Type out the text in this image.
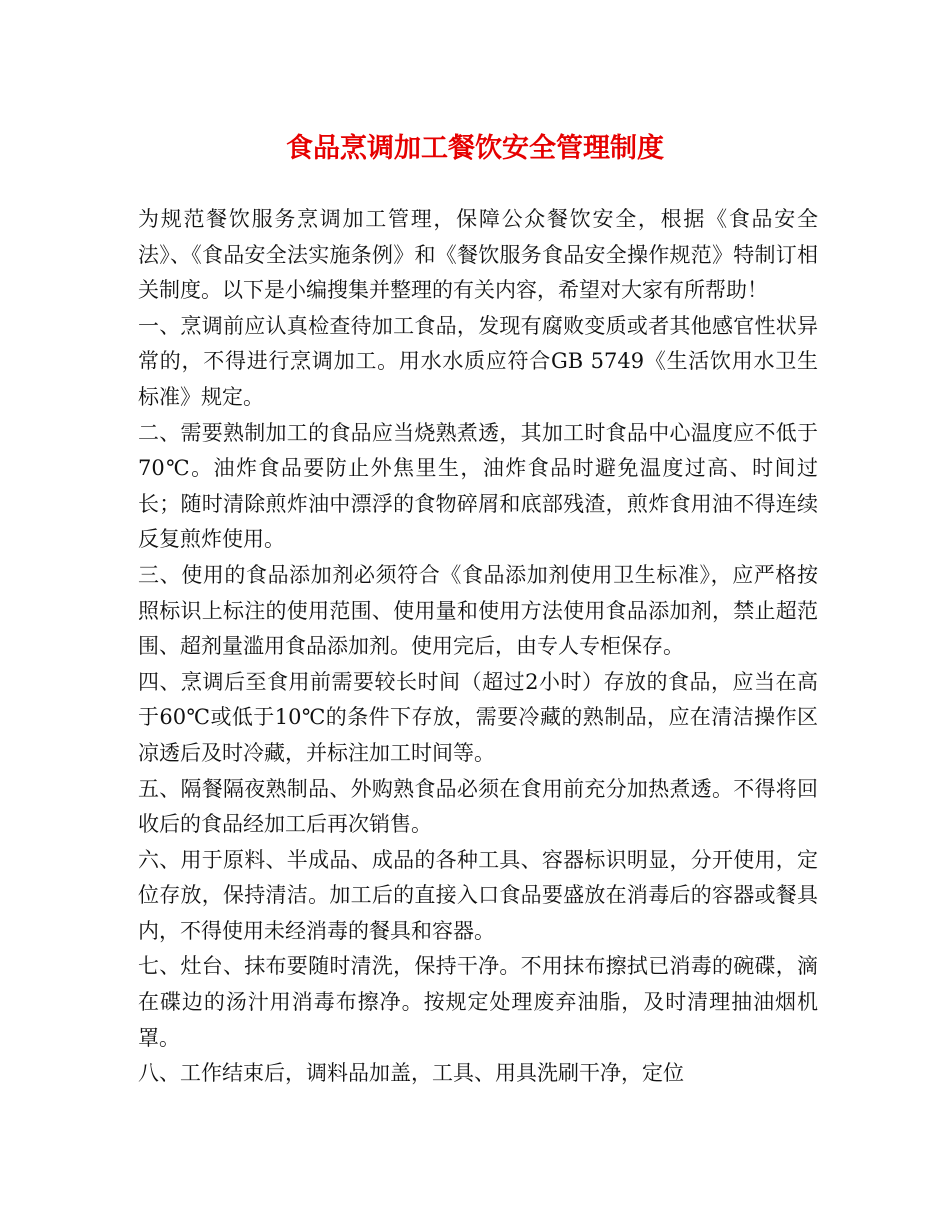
食品烹调加工餐饮安全管理制度

为规范餐饮服务烹调加工管理，保障公众餐饮安全，根据《食品安全法》、《食品安全法实施条例》和《餐饮服务食品安全操作规范》特制订相关制度。以下是小编搜集并整理的有关内容，希望对大家有所帮助！

一、烹调前应认真检查待加工食品，发现有腐败变质或者其他感官性状异常的，不得进行烹调加工。用水水质应符合GB 5749《生活饮用水卫生标准》规定。

二、需要熟制加工的食品应当烧熟煮透，其加工时食品中心温度应不低于70℃。油炸食品要防止外焦里生，油炸食品时避免温度过高、时间过长；随时清除煎炸油中漂浮的食物碎屑和底部残渣，煎炸食用油不得连续反复煎炸使用。

三、使用的食品添加剂必须符合《食品添加剂使用卫生标准》，应严格按照标识上标注的使用范围、使用量和使用方法使用食品添加剂，禁止超范围、超剂量滥用食品添加剂。使用完后，由专人专柜保存。

四、烹调后至食用前需要较长时间（超过2小时）存放的食品，应当在高于60℃或低于10℃的条件下存放，需要冷藏的熟制品，应在清洁操作区凉透后及时冷藏，并标注加工时间等。

五、隔餐隔夜熟制品、外购熟食品必须在食用前充分加热煮透。不得将回收后的食品经加工后再次销售。

六、用于原料、半成品、成品的各种工具、容器标识明显，分开使用，定位存放，保持清洁。加工后的直接入口食品要盛放在消毒后的容器或餐具内，不得使用未经消毒的餐具和容器。

七、灶台、抹布要随时清洗，保持干净。不用抹布擦拭已消毒的碗碟，滴在碟边的汤汁用消毒布擦净。按规定处理废弃油脂，及时清理抽油烟机罩。

八、工作结束后，调料品加盖，工具、用具洗刷干净，定位
